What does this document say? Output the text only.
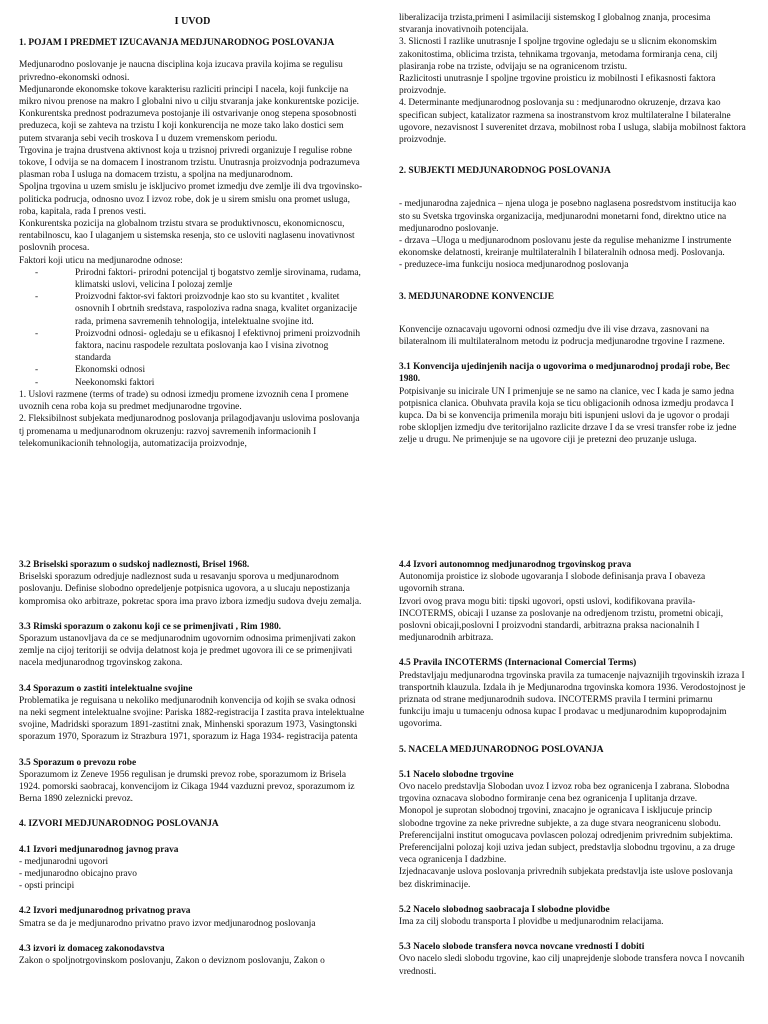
I UVOD
1. POJAM I PREDMET IZUCAVANJA MEDJUNARODNOG POSLOVANJA

Medjunarodno poslovanje je naucna disciplina koja izucava pravila kojima se regulisu privredno-ekonomski odnosi.

Medjunaronde ekonomske tokove karakterisu razliciti principi I nacela, koji funkcije na mikro nivou prenose na makro I globalni nivo u cilju stvaranja jake konkurentske pozicije.

Konkurentska prednost podrazumeva postojanje ili ostvarivanje onog stepena sposobnosti preduzeca, koji se zahteva na trzistu I koji konkurencija ne moze tako lako dostici sem putem stvaranja sebi vecih troskova I u duzem vremenskom periodu.

Trgovina je trajna drustvena aktivnost koja u trzisnoj privredi organizuje I regulise robne tokove, I odvija se na domacem I inostranom trzistu. Unutrasnja proizvodnja podrazumeva plasman roba I usluga na domacem trzistu, a spoljna na medjunarodnom.

Spoljna trgovina u uzem smislu je iskljucivo promet izmedju dve zemlje ili dva trgovinsko-politicka podrucja, odnosno uvoz I izvoz robe, dok je u sirem smislu ona promet usluga, roba, kapitala, rada I prenos vesti.

Konkurentska pozicija na globalnom trzistu stvara se produktivnoscu, ekonomicnoscu, rentabilnoscu, kao I ulaganjem u sistemska resenja, sto ce usloviti naglasenu inovativnost poslovnih procesa.

Faktori koji uticu na medjunarodne odnose:

- Prirodni faktori- prirodni potencijal tj bogatstvo zemlje sirovinama, rudama, klimatski uslovi, velicina I polozaj zemlje
- Proizvodni faktor-svi faktori proizvodnje kao sto su kvantitet , kvalitet osnovnih I obrtnih sredstava, raspoloziva radna snaga, kvalitet organizacije rada, primena savremenih tehnologija, intelektualne svojine itd.
- Proizvodni odnosi- ogledaju se u efikasnoj I efektivnoj primeni proizvodnih faktora, nacinu raspodele rezultata poslovanja kao I visina zivotnog standarda
- Ekonomski odnosi
- Neekonomski faktori

1. Uslovi razmene (terms of trade) su odnosi izmedju promene izvoznih cena I promene uvoznih cena roba koja su predmet medjunarodne trgovine.

2. Fleksibilnost subjekata medjunarodnog poslovanja prilagodjavanju uslovima poslovanja tj promenama u medjunarodnom okruzenju: razvoj savremenih informacionih I telekomunikacionih tehnologija, automatizacija proizvodnje,

liberalizacija trzista,primeni I asimilaciji sistemskog I globalnog znanja, procesima stvaranja inovativnoih potencijala.

3. Slicnosti I razlike unutrasnje I spoljne trgovine ogledaju se u slicnim ekonomskim zakonitostima, oblicima trzista, tehnikama trgovanja, metodama formiranja cena, cilj plasiranja robe na trziste, odvijaju se na ogranicenom trzistu.

Razlicitosti unutrasnje I spoljne trgovine proisticu iz mobilnosti I efikasnosti faktora proizvodnje.

4. Determinante medjunarodnog poslovanja su : medjunarodno okruzenje, drzava kao specifican subject, katalizator razmena sa inostranstvom kroz multilateralne I bilateralne ugovore, nezavisnost I suverenitet drzava, mobilnost roba I usluga, slabija mobilnost faktora proizvodnje.

2. SUBJEKTI MEDJUNARODNOG POSLOVANJA

- medjunarodna zajednica – njena uloga je posebno naglasena posredstvom institucija kao sto su Svetska trgovinska organizacija, medjunarodni monetarni fond, direktno utice na medjunarodno poslovanje.

- drzava –Uloga u medjunarodnom poslovanu jeste da regulise mehanizme I instrumente ekonomske delatnosti, kreiranje multilateralnih I bilateralnih odnosa medj. Poslovanja.

- preduzece-ima funkciju nosioca medjunarodnog poslovanja

3. MEDJUNARODNE KONVENCIJE

Konvencije oznacavaju ugovorni odnosi ozmedju dve ili vise drzava, zasnovani na bilateralnom ili multilateralnom metodu iz podrucja medjunarodne trgovine I razmene.

3.1 Konvencija ujedinjenih nacija o ugovorima o medjunarodnoj prodaji robe, Bec 1980.

Potpisivanje su inicirale UN I primenjuje se ne samo na clanice, vec I kada je samo jedna potpisnica clanica. Obuhvata pravila koja se ticu obligacionih odnosa izmedju prodavca I kupca. Da bi se konvencija primenila moraju biti ispunjeni uslovi da je ugovor o prodaji robe sklopljen izmedju dve teritorijalno razlicite drzave I da se vresi transfer robe iz jedne zelje u drugu. Ne primenjuje se na ugovore ciji je pretezni deo pruzanje usluga.

3.2 Briselski sporazum o sudskoj nadleznosti, Brisel 1968.

Briselski sporazum odredjuje nadleznost suda u resavanju sporova u medjunarodnom poslovanju. Definise slobodno opredeljenje potpisnica ugovora, a u slucaju nepostizanja kompromisa oko arbitraze, pokretac spora ima pravo izbora izmedju sudova dveju zemalja.

3.3 Rimski sporazum o zakonu koji ce se primenjivati , Rim 1980.

Sporazum ustanovljava da ce se medjunarodnim ugovornim odnosima primenjivati zakon zemlje na cijoj teritoriji se odvija delatnost koja je predmet ugovora ili ce se primenjivati nacela medjunarodnog trgovinskog zakona.

3.4 Sporazum o zastiti intelektualne svojine

Problematika je reguisana u nekoliko medjunarodnih konvencija od kojih se svaka odnosi na neki segment intelektualne svojine: Pariska 1882-registracija I zastita prava intelektualne svojine, Madridski sporazum 1891-zastitni znak, Minhenski sporazum 1973, Vasingtonski sporazum 1970, Sporazum iz Strazbura 1971, sporazum iz Haga 1934- registracija patenta

3.5 Sporazum o prevozu robe

Sporazumom iz Zeneve 1956 regulisan je drumski prevoz robe, sporazumom iz Brisela 1924. pomorski saobracaj, konvencijom iz Cikaga 1944 vazduzni prevoz, sporazumom iz Berna 1890 zeleznicki prevoz.

4. IZVORI MEDJUNARODNOG POSLOVANJA
4.1 Izvori medjunarodnog javnog prava

- medjunarodni ugovori

- medjunarodno obicajno pravo

- opsti principi

4.2 Izvori medjunarodnog privatnog prava

Smatra se da je medjunarodno privatno pravo izvor medjunarodnog poslovanja

4.3 izvori iz domaceg zakonodavstva

Zakon o spoljnotrgovinskom poslovanju, Zakon o deviznom poslovanju, Zakon o

4.4 Izvori autonomnog medjunarodnog trgovinskog prava

Autonomija proistice iz slobode ugovaranja I slobode definisanja prava I obaveza ugovornih strana.

Izvori ovog prava mogu biti: tipski ugovori, opsti uslovi, kodifikovana pravila-INCOTERMS, obicaji I uzanse za poslovanje na odredjenom trzistu, prometni obicaji, poslovni obicaji,poslovni I proizvodni standardi, arbitrazna praksa nacionalnih I medjunarodnih arbitraza.

4.5 Pravila INCOTERMS (Internacional Comercial Terms)

Predstavljaju medjunarodna trgovinska pravila za tumacenje najvaznijih trgovinskih izraza I transportnih klauzula. Izdala ih je Medjunarodna trgovinska komora 1936. Verodostojnost je priznata od strane medjunarodnih sudova. INCOTERMS pravila I termini primarnu funkciju imaju u tumacenju odnosa kupac I prodavac u medjunarodnim kupoprodajnim ugovorima.

5. NACELA MEDJUNARODNOG POSLOVANJA
5.1 Nacelo slobodne trgovine

Ovo nacelo predstavlja Slobodan uvoz I izvoz roba bez ogranicenja I zabrana. Slobodna trgovina oznacava slobodno formiranje cena bez ogranicenja I uplitanja drzave.

Monopol je suprotan slobodnoj trgovini, znacajno je ogranicava I iskljucuje princip slobodne trgovine za neke privredne subjekte, a za duge stvara neogranicenu slobodu.

Preferencijalni institut omogucava povlascen polozaj odredjenim privrednim subjektima. Preferencijalni polozaj koji uziva jedan subject, predstavlja slobodnu trgovinu, a za druge veca ogranicenja I dadzbine.

Izjednacavanje uslova poslovanja privrednih subjekata predstavlja iste uslove poslovanja bez diskriminacije.

5.2 Nacelo slobodnog saobracaja I slobodne plovidbe

Ima za cilj slobodu transporta I plovidbe u medjunarodnim relacijama.

5.3 Nacelo slobode transfera novca novcane vrednosti I dobiti

Ovo nacelo sledi slobodu trgovine, kao cilj unaprejdenje slobode transfera novca I novcanih vrednosti.
